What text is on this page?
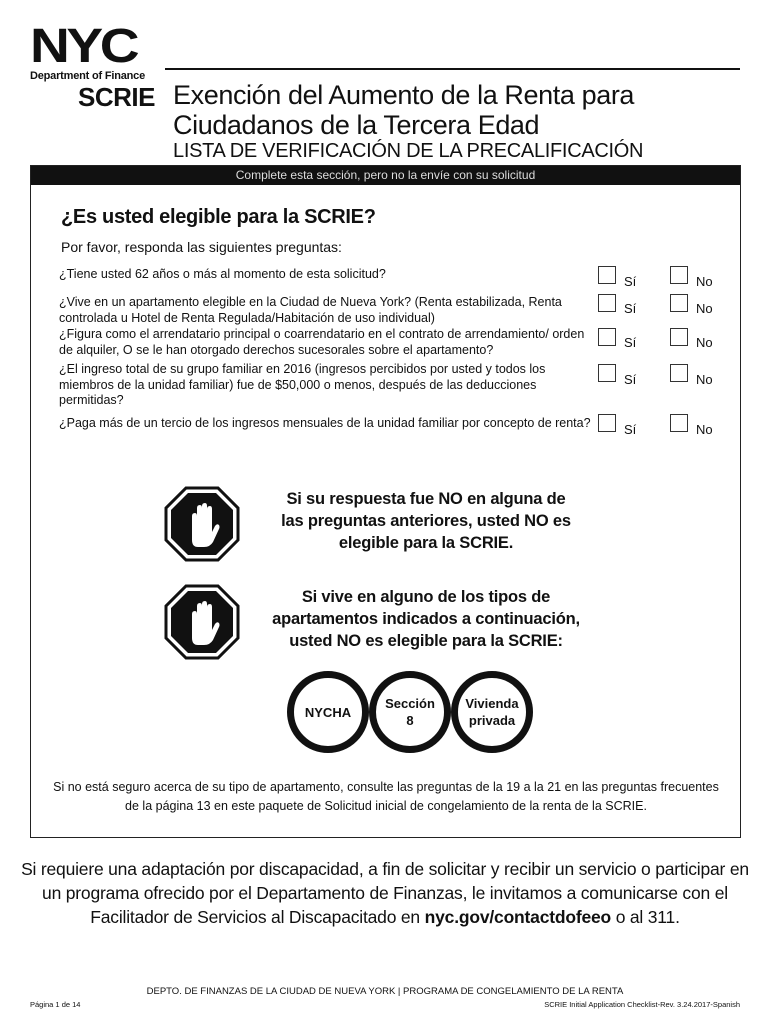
NYC
Department of Finance
SCRIE Exención del Aumento de la Renta para Ciudadanos de la Tercera Edad
LISTA DE VERIFICACIÓN DE LA PRECALIFICACIÓN
Complete esta sección, pero no la envíe con su solicitud
¿Es usted elegible para la SCRIE?
Por favor, responda las siguientes preguntas:
¿Tiene usted 62 años o más al momento de esta solicitud?	Sí	No
¿Vive en un apartamento elegible en la Ciudad de Nueva York? (Renta estabilizada, Renta controlada u Hotel de Renta Regulada/Habitación de uso individual)
Sí	No
¿Figura como el arrendatario principal o coarrendatario en el contrato de arrendamiento/ orden de alquiler, O se le han otorgado derechos sucesorales sobre el apartamento?	Sí	No
¿El ingreso total de su grupo familiar en 2016 (ingresos percibidos por usted y todos los miembros de la unidad familiar) fue de $50,000 o menos, después de las deducciones permitidas?
Sí	No
¿Paga más de un tercio de los ingresos mensuales de la unidad familiar por concepto de renta?	Sí	No
Si su respuesta fue NO en alguna de las preguntas anteriores, usted NO es elegible para la SCRIE.
Si vive en alguno de los tipos de apartamentos indicados a continuación, usted NO es elegible para la SCRIE:
NYCHA
Sección 8
Vivienda privada
Si no está seguro acerca de su tipo de apartamento, consulte las preguntas de la 19 a la 21 en las preguntas frecuentes de la página 13 en este paquete de Solicitud inicial de congelamiento de la renta de la SCRIE.
Si requiere una adaptación por discapacidad, a fin de solicitar y recibir un servicio o participar en un programa ofrecido por el Departamento de Finanzas, le invitamos a comunicarse con el Facilitador de Servicios al Discapacitado en nyc.gov/contactdofeeo o al 311.
DEPTO. DE FINANZAS DE LA CIUDAD DE NUEVA YORK | PROGRAMA DE CONGELAMIENTO DE LA RENTA
Página 1 de 14	SCRIE Initial Application Checklist-Rev. 3.24.2017-Spanish
